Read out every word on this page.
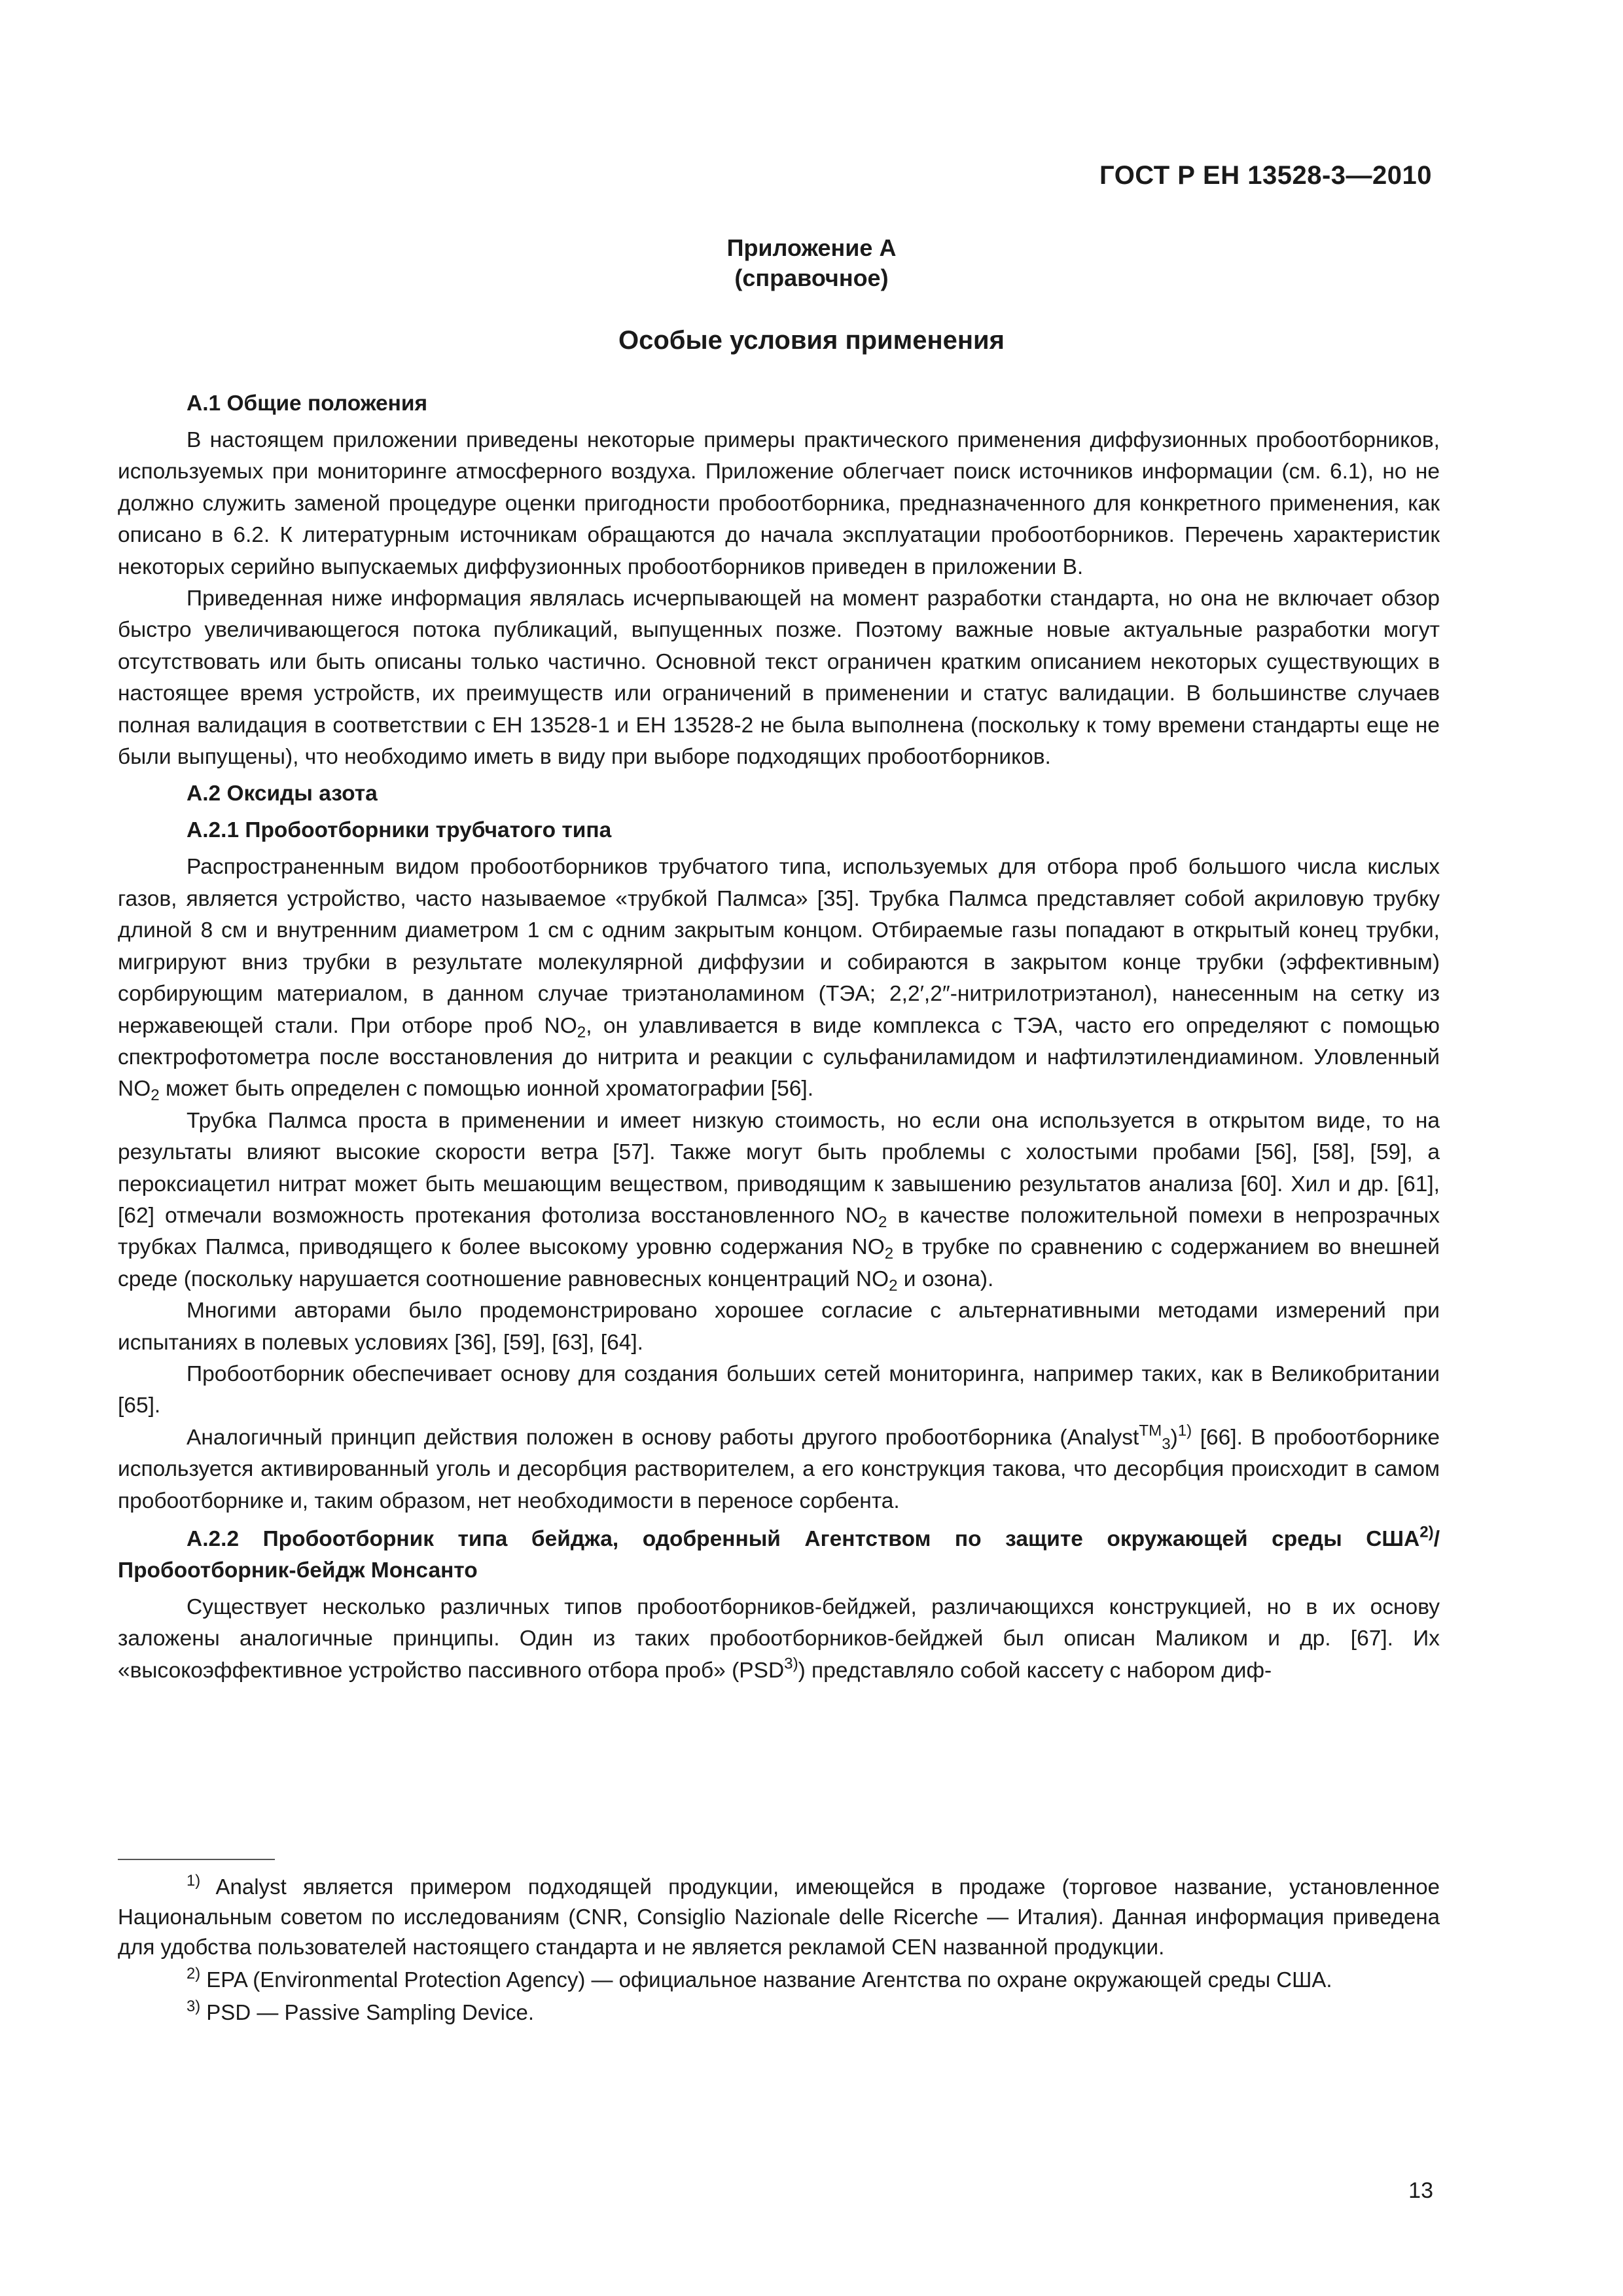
ГОСТ Р ЕН 13528-3—2010
Приложение А
(справочное)
Особые условия применения
А.1 Общие положения

В настоящем приложении приведены некоторые примеры практического применения диффузионных пробоотборников, используемых при мониторинге атмосферного воздуха. Приложение облегчает поиск источников информации (см. 6.1), но не должно служить заменой процедуре оценки пригодности пробоотборника, предназначенного для конкретного применения, как описано в 6.2. К литературным источникам обращаются до начала эксплуатации пробоотборников. Перечень характеристик некоторых серийно выпускаемых диффузионных пробоотборников приведен в приложении В.

Приведенная ниже информация являлась исчерпывающей на момент разработки стандарта, но она не включает обзор быстро увеличивающегося потока публикаций, выпущенных позже. Поэтому важные новые актуальные разработки могут отсутствовать или быть описаны только частично. Основной текст ограничен кратким описанием некоторых существующих в настоящее время устройств, их преимуществ или ограничений в применении и статус валидации. В большинстве случаев полная валидация в соответствии с ЕН 13528-1 и ЕН 13528-2 не была выполнена (поскольку к тому времени стандарты еще не были выпущены), что необходимо иметь в виду при выборе подходящих пробоотборников.

А.2 Оксиды азота
А.2.1 Пробоотборники трубчатого типа

Распространенным видом пробоотборников трубчатого типа, используемых для отбора проб большого числа кислых газов, является устройство, часто называемое «трубкой Палмса» [35]. Трубка Палмса представляет собой акриловую трубку длиной 8 см и внутренним диаметром 1 см с одним закрытым концом. Отбираемые газы попадают в открытый конец трубки, мигрируют вниз трубки в результате молекулярной диффузии и собираются в закрытом конце трубки (эффективным) сорбирующим материалом, в данном случае триэтаноламином (ТЭА; 2,2′,2″-нитрилотриэтанол), нанесенным на сетку из нержавеющей стали. При отборе проб $NO_2$, он улавливается в виде комплекса с ТЭА, часто его определяют с помощью спектрофотометра после восстановления до нитрита и реакции с сульфаниламидом и нафтилэтилендиамином. Уловленный $NO_2$ может быть определен с помощью ионной хроматографии [56].

Трубка Палмса проста в применении и имеет низкую стоимость, но если она используется в открытом виде, то на результаты влияют высокие скорости ветра [57]. Также могут быть проблемы с холостыми пробами [56], [58], [59], а пероксиацетил нитрат может быть мешающим веществом, приводящим к завышению результатов анализа [60]. Хил и др. [61], [62] отмечали возможность протекания фотолиза восстановленного $NO_2$ в качестве положительной помехи в непрозрачных трубках Палмса, приводящего к более высокому уровню содержания $NO_2$ в трубке по сравнению с содержанием во внешней среде (поскольку нарушается соотношение равновесных концентраций $NO_2$ и озона).

Многими авторами было продемонстрировано хорошее согласие с альтернативными методами измерений при испытаниях в полевых условиях [36], [59], [63], [64].

Пробоотборник обеспечивает основу для создания больших сетей мониторинга, например таких, как в Великобритании [65].

Аналогичный принцип действия положен в основу работы другого пробоотборника (Analyst™$_3$)$^{1)}$ [66]. В пробоотборнике используется активированный уголь и десорбция растворителем, а его конструкция такова, что десорбция происходит в самом пробоотборнике и, таким образом, нет необходимости в переносе сорбента.

А.2.2 Пробоотборник типа бейджа, одобренный Агентством по защите окружающей среды США$^{2)}$/Пробоотборник-бейдж Монсанто

Существует несколько различных типов пробоотборников-бейджей, различающихся конструкцией, но в их основу заложены аналогичные принципы. Один из таких пробоотборников-бейджей был описан Маликом и др. [67]. Их «высокоэффективное устройство пассивного отбора проб» (PSD$^{3)}$) представляло собой кассету с набором диф-

$^{1)}$ Analyst является примером подходящей продукции, имеющейся в продаже (торговое название, установленное Национальным советом по исследованиям (CNR, Consiglio Nazionale delle Ricerche — Италия). Данная информация приведена для удобства пользователей настоящего стандарта и не является рекламой CEN названной продукции.

$^{2)}$ EPA (Environmental Protection Agency) — официальное название Агентства по охране окружающей среды США.

$^{3)}$ PSD — Passive Sampling Device.

13
